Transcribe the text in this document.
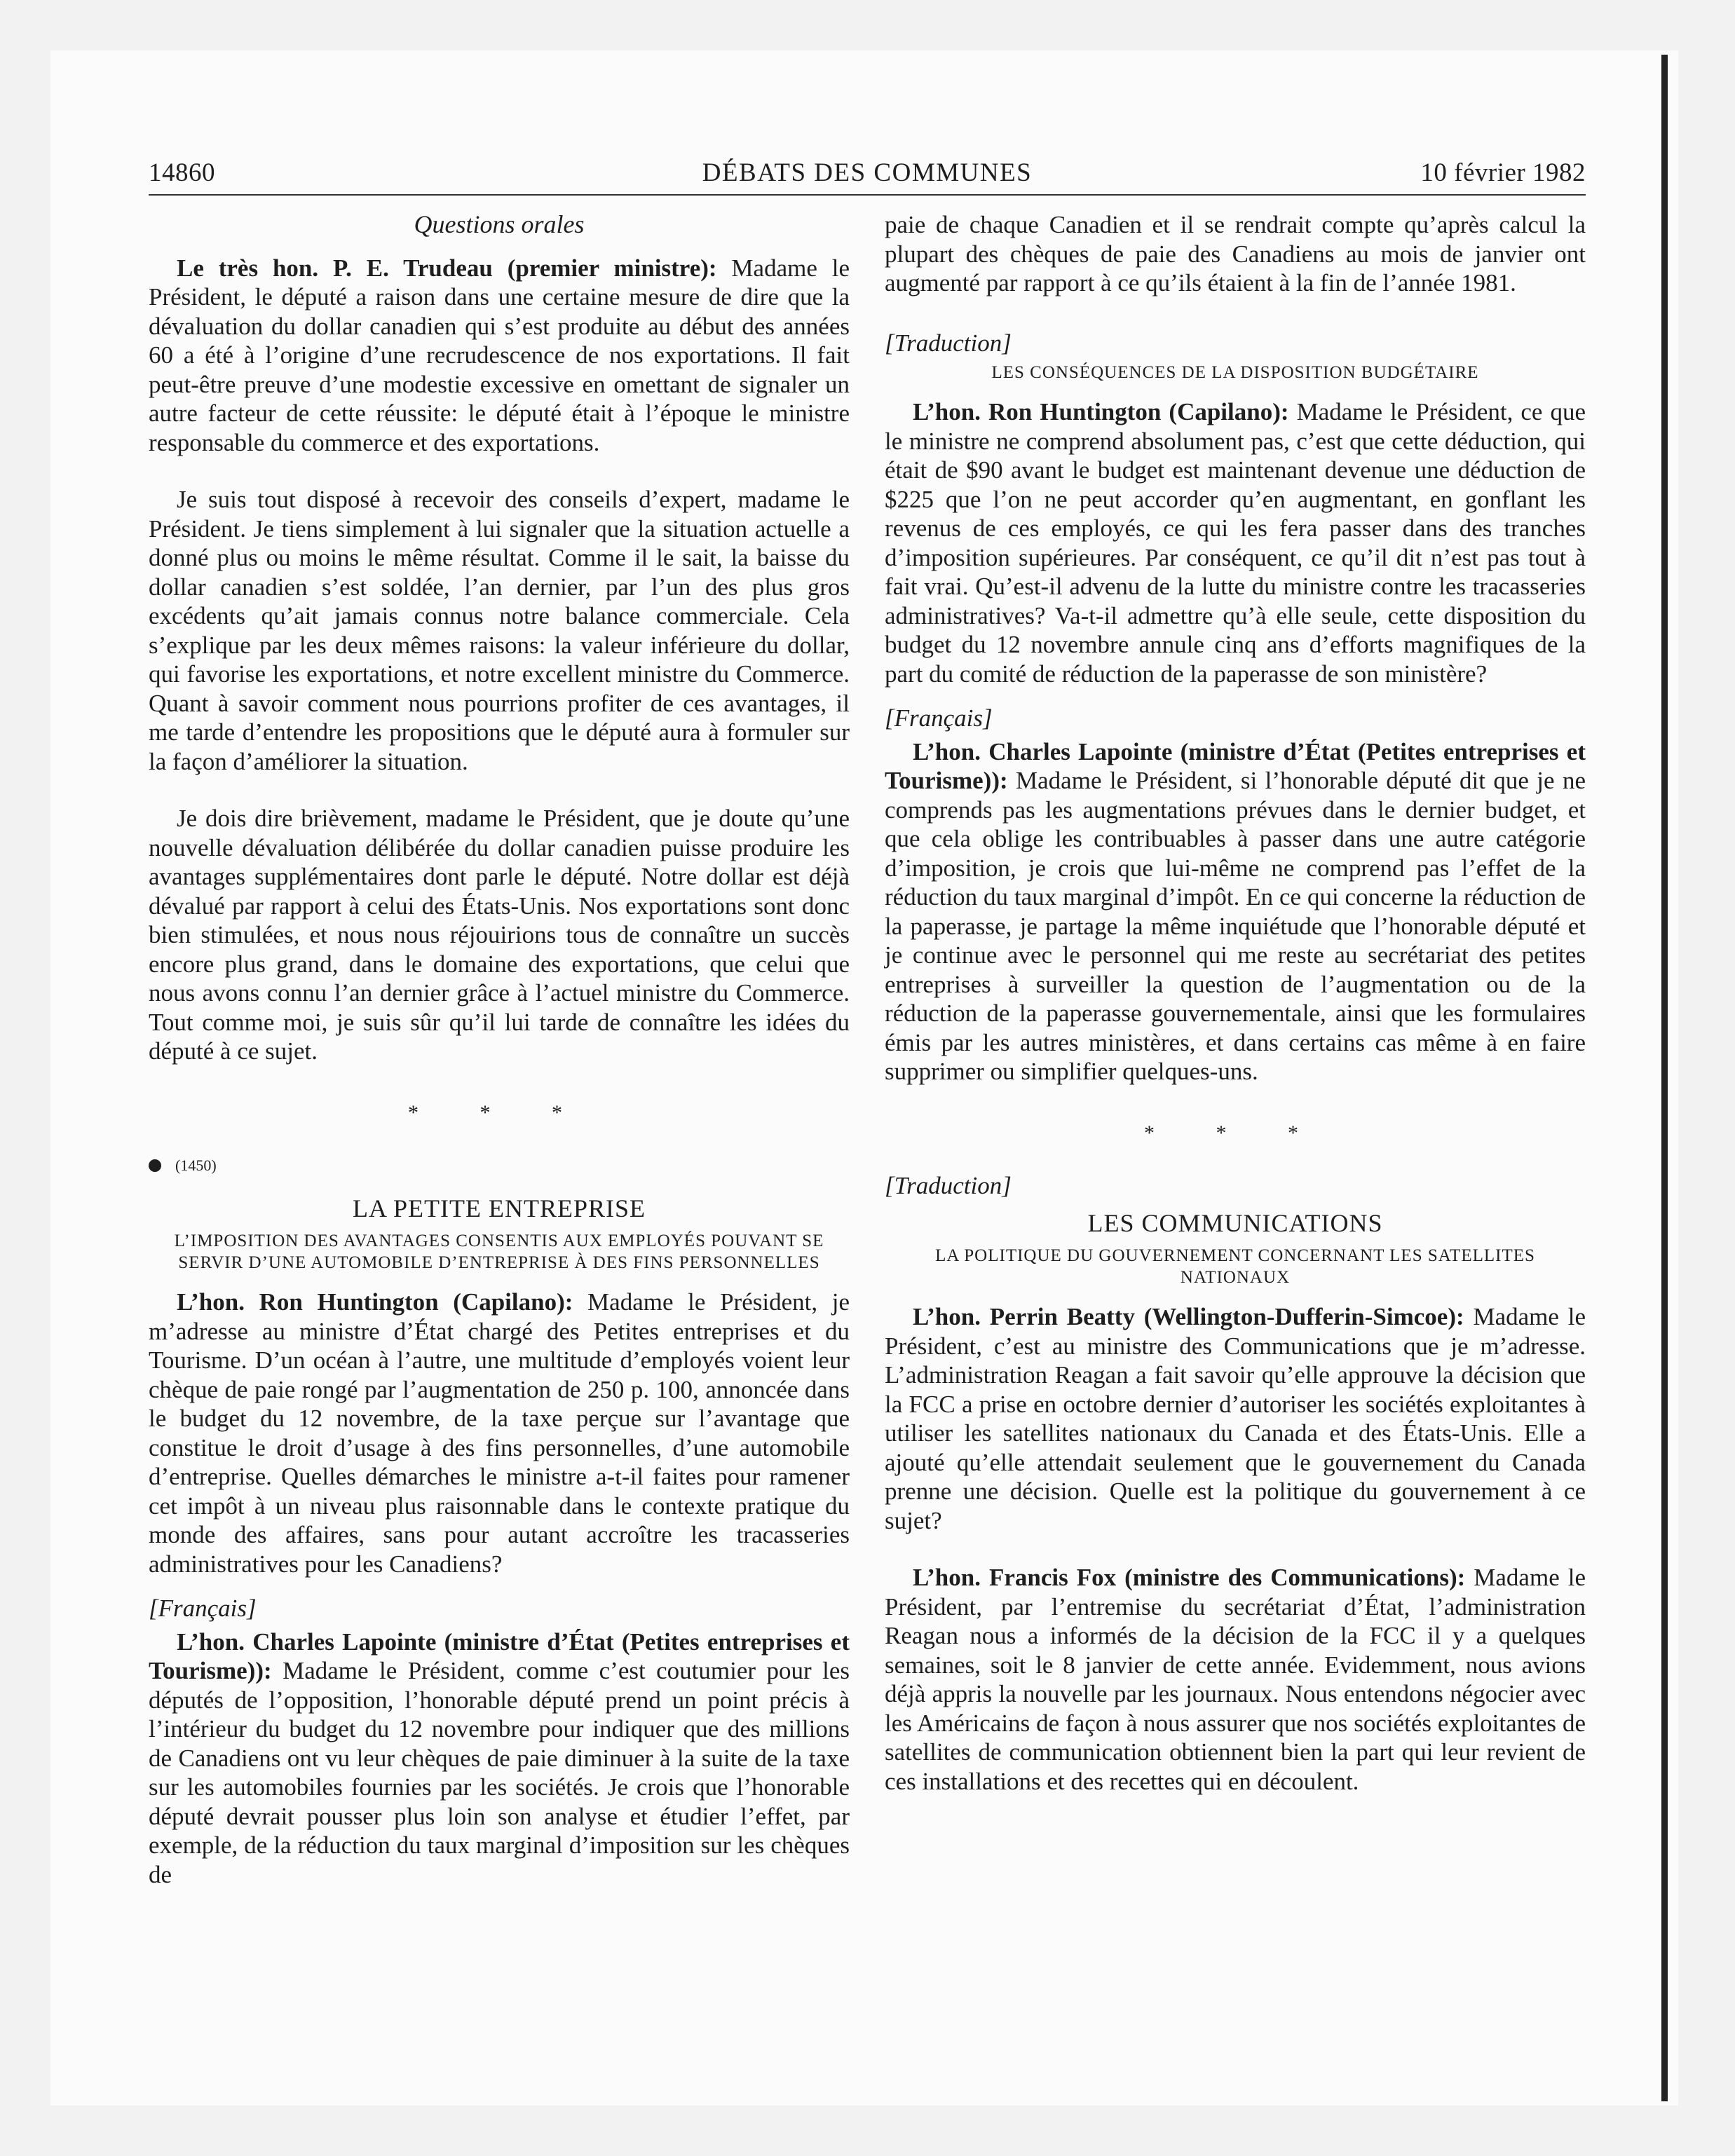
14860	DÉBATS DES COMMUNES	10 février 1982
Questions orales

Le très hon. P. E. Trudeau (premier ministre): Madame le Président, le député a raison dans une certaine mesure de dire que la dévaluation du dollar canadien qui s’est produite au début des années 60 a été à l’origine d’une recrudescence de nos exportations. Il fait peut-être preuve d’une modestie excessive en omettant de signaler un autre facteur de cette réussite: le député était à l’époque le ministre responsable du commerce et des exportations.

Je suis tout disposé à recevoir des conseils d’expert, madame le Président. Je tiens simplement à lui signaler que la situation actuelle a donné plus ou moins le même résultat. Comme il le sait, la baisse du dollar canadien s’est soldée, l’an dernier, par l’un des plus gros excédents qu’ait jamais connus notre balance commerciale. Cela s’explique par les deux mêmes raisons: la valeur inférieure du dollar, qui favorise les exportations, et notre excellent ministre du Commerce. Quant à savoir comment nous pourrions profiter de ces avantages, il me tarde d’entendre les propositions que le député aura à formuler sur la façon d’améliorer la situation.

Je dois dire brièvement, madame le Président, que je doute qu’une nouvelle dévaluation délibérée du dollar canadien puisse produire les avantages supplémentaires dont parle le député. Notre dollar est déjà dévalué par rapport à celui des États-Unis. Nos exportations sont donc bien stimulées, et nous nous réjouirions tous de connaître un succès encore plus grand, dans le domaine des exportations, que celui que nous avons connu l’an dernier grâce à l’actuel ministre du Commerce. Tout comme moi, je suis sûr qu’il lui tarde de connaître les idées du député à ce sujet.

* * *
(1450)
LA PETITE ENTREPRISE
L’IMPOSITION DES AVANTAGES CONSENTIS AUX EMPLOYÉS POUVANT SE SERVIR D’UNE AUTOMOBILE D’ENTREPRISE À DES FINS PERSONNELLES

L’hon. Ron Huntington (Capilano): Madame le Président, je m’adresse au ministre d’État chargé des Petites entreprises et du Tourisme. D’un océan à l’autre, une multitude d’employés voient leur chèque de paie rongé par l’augmentation de 250 p. 100, annoncée dans le budget du 12 novembre, de la taxe perçue sur l’avantage que constitue le droit d’usage à des fins personnelles, d’une automobile d’entreprise. Quelles démarches le ministre a-t-il faites pour ramener cet impôt à un niveau plus raisonnable dans le contexte pratique du monde des affaires, sans pour autant accroître les tracasseries administratives pour les Canadiens?

[Français]

L’hon. Charles Lapointe (ministre d’État (Petites entreprises et Tourisme)): Madame le Président, comme c’est coutumier pour les députés de l’opposition, l’honorable député prend un point précis à l’intérieur du budget du 12 novembre pour indiquer que des millions de Canadiens ont vu leur chèques de paie diminuer à la suite de la taxe sur les automobiles fournies par les sociétés. Je crois que l’honorable député devrait pousser plus loin son analyse et étudier l’effet, par exemple, de la réduction du taux marginal d’imposition sur les chèques de

paie de chaque Canadien et il se rendrait compte qu’après calcul la plupart des chèques de paie des Canadiens au mois de janvier ont augmenté par rapport à ce qu’ils étaient à la fin de l’année 1981.

[Traduction]
LES CONSÉQUENCES DE LA DISPOSITION BUDGÉTAIRE

L’hon. Ron Huntington (Capilano): Madame le Président, ce que le ministre ne comprend absolument pas, c’est que cette déduction, qui était de $90 avant le budget est maintenant devenue une déduction de $225 que l’on ne peut accorder qu’en augmentant, en gonflant les revenus de ces employés, ce qui les fera passer dans des tranches d’imposition supérieures. Par conséquent, ce qu’il dit n’est pas tout à fait vrai. Qu’est-il advenu de la lutte du ministre contre les tracasseries administratives? Va-t-il admettre qu’à elle seule, cette disposition du budget du 12 novembre annule cinq ans d’efforts magnifiques de la part du comité de réduction de la paperasse de son ministère?

[Français]

L’hon. Charles Lapointe (ministre d’État (Petites entreprises et Tourisme)): Madame le Président, si l’honorable député dit que je ne comprends pas les augmentations prévues dans le dernier budget, et que cela oblige les contribuables à passer dans une autre catégorie d’imposition, je crois que lui-même ne comprend pas l’effet de la réduction du taux marginal d’impôt. En ce qui concerne la réduction de la paperasse, je partage la même inquiétude que l’honorable député et je continue avec le personnel qui me reste au secrétariat des petites entreprises à surveiller la question de l’augmentation ou de la réduction de la paperasse gouvernementale, ainsi que les formulaires émis par les autres ministères, et dans certains cas même à en faire supprimer ou simplifier quelques-uns.

* * *
[Traduction]
LES COMMUNICATIONS
LA POLITIQUE DU GOUVERNEMENT CONCERNANT LES SATELLITES NATIONAUX

L’hon. Perrin Beatty (Wellington-Dufferin-Simcoe): Madame le Président, c’est au ministre des Communications que je m’adresse. L’administration Reagan a fait savoir qu’elle approuve la décision que la FCC a prise en octobre dernier d’autoriser les sociétés exploitantes à utiliser les satellites nationaux du Canada et des États-Unis. Elle a ajouté qu’elle attendait seulement que le gouvernement du Canada prenne une décision. Quelle est la politique du gouvernement à ce sujet?

L’hon. Francis Fox (ministre des Communications): Madame le Président, par l’entremise du secrétariat d’État, l’administration Reagan nous a informés de la décision de la FCC il y a quelques semaines, soit le 8 janvier de cette année. Evidemment, nous avions déjà appris la nouvelle par les journaux. Nous entendons négocier avec les Américains de façon à nous assurer que nos sociétés exploitantes de satellites de communication obtiennent bien la part qui leur revient de ces installations et des recettes qui en découlent.
